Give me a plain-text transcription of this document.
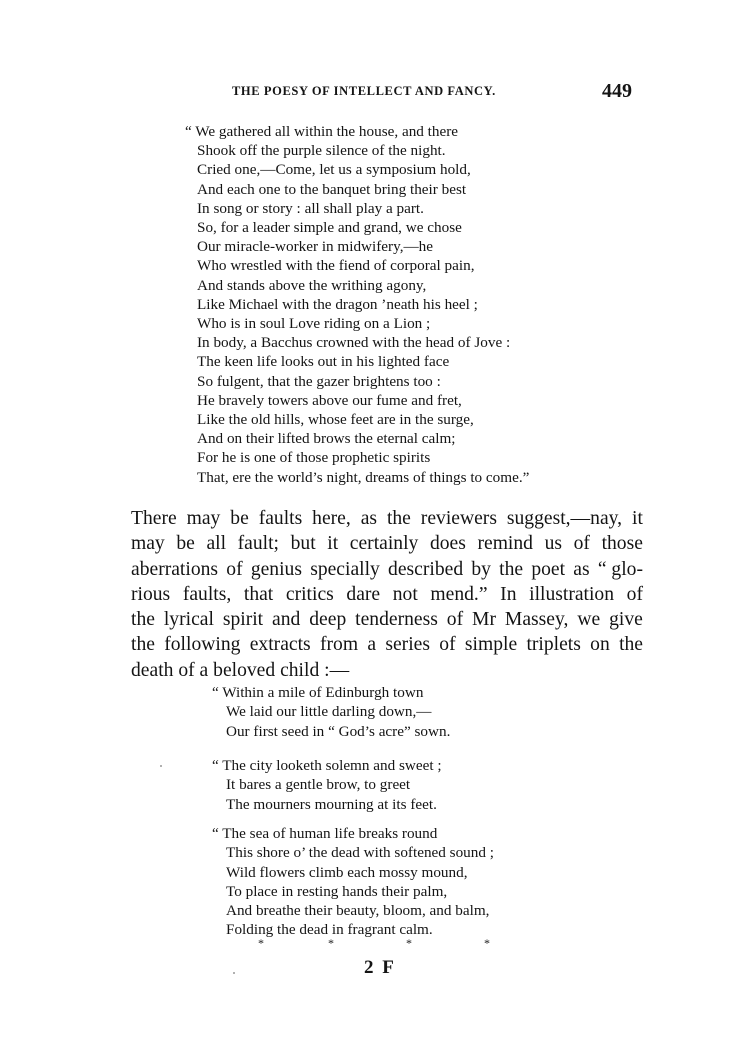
THE POESY OF INTELLECT AND FANCY.	449
“ We gathered all within the house, and there
Shook off the purple silence of the night.
Cried one,—Come, let us a symposium hold,
And each one to the banquet bring their best
In song or story : all shall play a part.
So, for a leader simple and grand, we chose
Our miracle-worker in midwifery,—he
Who wrestled with the fiend of corporal pain,
And stands above the writhing agony,
Like Michael with the dragon ’neath his heel ;
Who is in soul Love riding on a Lion ;
In body, a Bacchus crowned with the head of Jove :
The keen life looks out in his lighted face
So fulgent, that the gazer brightens too :
He bravely towers above our fume and fret,
Like the old hills, whose feet are in the surge,
And on their lifted brows the eternal calm;
For he is one of those prophetic spirits
That, ere the world’s night, dreams of things to come.”
There may be faults here, as the reviewers suggest,—nay, it
may be all fault; but it certainly does remind us of those
aberrations of genius specially described by the poet as “ glo-
rious faults, that critics dare not mend.” In illustration of
the lyrical spirit and deep tenderness of Mr Massey, we give
the following extracts from a series of simple triplets on the
death of a beloved child :—
“ Within a mile of Edinburgh town
We laid our little darling down,—
Our first seed in “ God’s acre” sown.
“ The city looketh solemn and sweet ;
It bares a gentle brow, to greet
The mourners mourning at its feet.
“ The sea of human life breaks round
This shore o’ the dead with softened sound ;
Wild flowers climb each mossy mound,
To place in resting hands their palm,
And breathe their beauty, bloom, and balm,
Folding the dead in fragrant calm.
*	*	*	*
2 F
